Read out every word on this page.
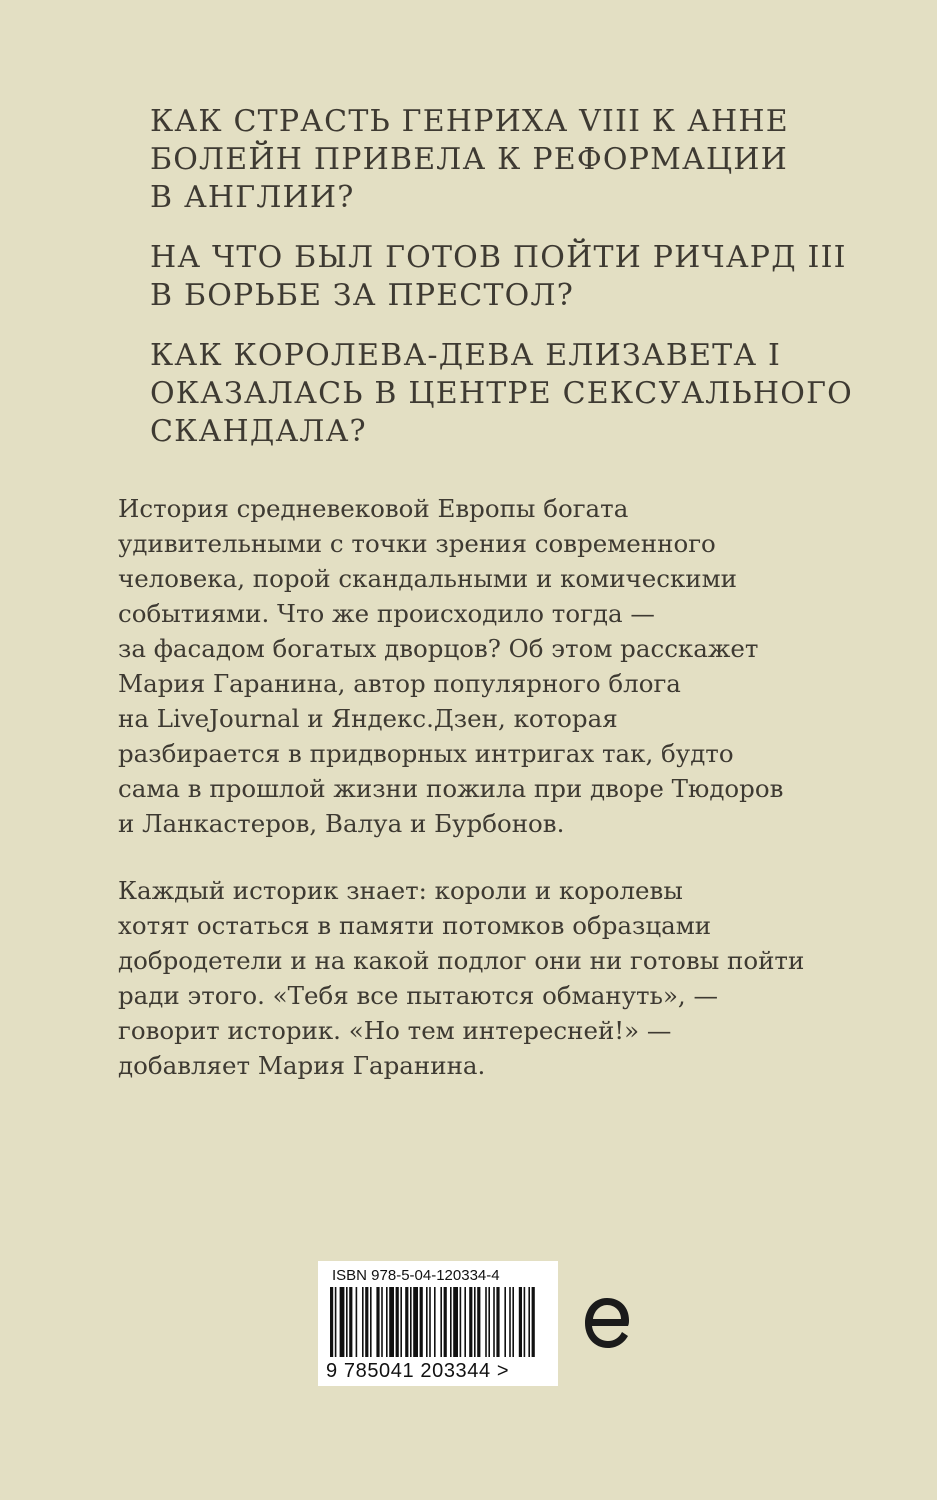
КАК СТРАСТЬ ГЕНРИХА VIII К АННЕ
БОЛЕЙН ПРИВЕЛА К РЕФОРМАЦИИ
В АНГЛИИ?
НА ЧТО БЫЛ ГОТОВ ПОЙТИ РИЧАРД III
В БОРЬБЕ ЗА ПРЕСТОЛ?
КАК КОРОЛЕВА-ДЕВА ЕЛИЗАВЕТА I
ОКАЗАЛАСЬ В ЦЕНТРЕ СЕКСУАЛЬНОГО
СКАНДАЛА?
История средневековой Европы богата
удивительными с точки зрения современного
человека, порой скандальными и комическими
событиями. Что же происходило тогда —
за фасадом богатых дворцов? Об этом расскажет
Мария Гаранина, автор популярного блога
на LiveJournal и Яндекс.Дзен, которая
разбирается в придворных интригах так, будто
сама в прошлой жизни пожила при дворе Тюдоров
и Ланкастеров, Валуа и Бурбонов.
Каждый историк знает: короли и королевы
хотят остаться в памяти потомков образцами
добродетели и на какой подлог они ни готовы пойти
ради этого. «Тебя все пытаются обмануть», —
говорит историк. «Но тем интересней!» —
добавляет Мария Гаранина.
ISBN 978-5-04-120334-4
9 785041 203344 >
